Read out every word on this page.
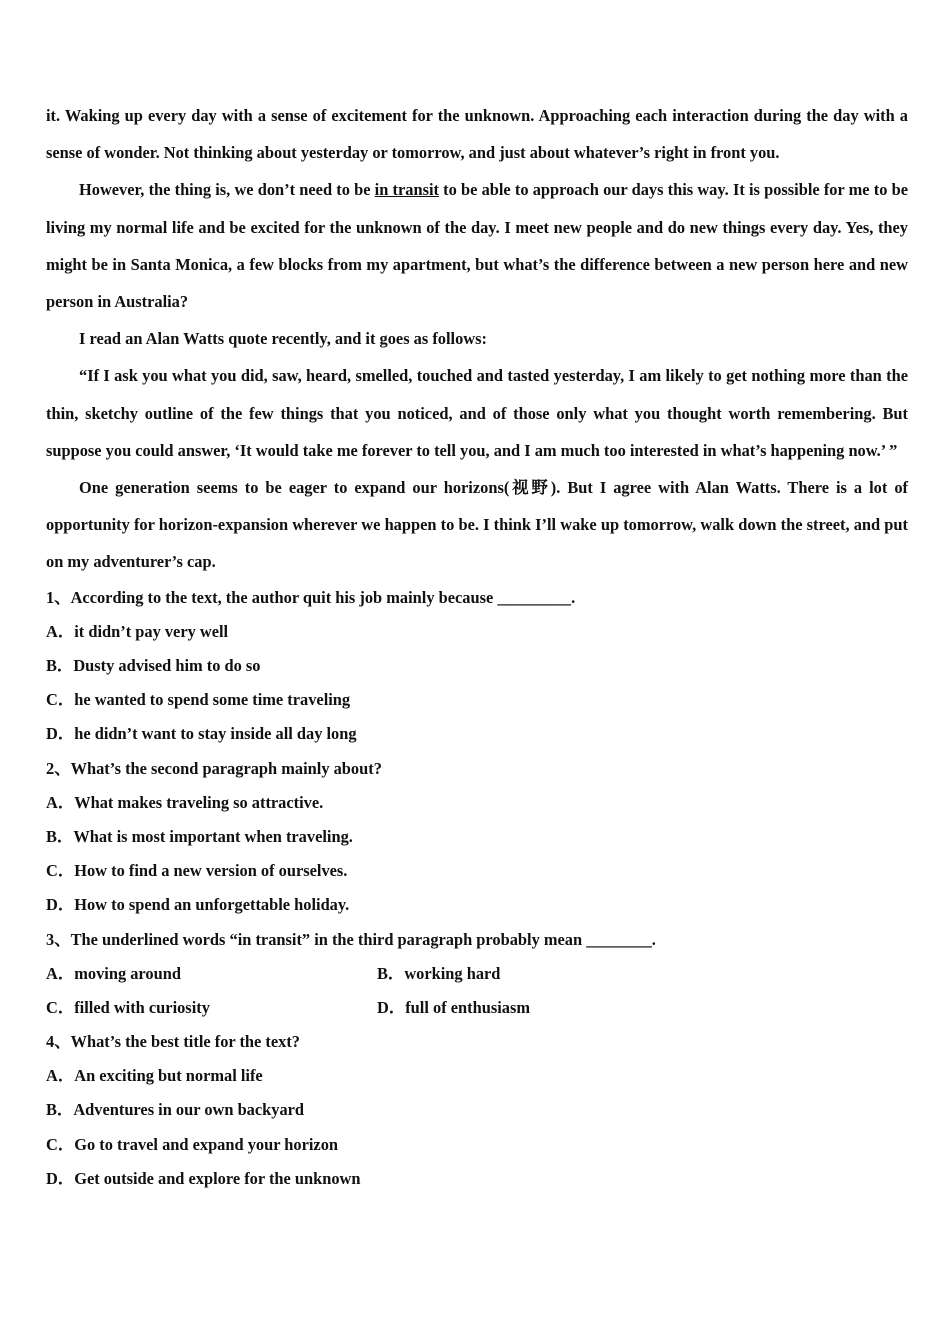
it. Waking up every day with a sense of excitement for the unknown. Approaching each interaction during the day with a sense of wonder. Not thinking about yesterday or tomorrow, and just about whatever’s right in front you.

However, the thing is, we don’t need to be in transit to be able to approach our days this way. It is possible for me to be living my normal life and be excited for the unknown of the day. I meet new people and do new things every day. Yes, they might be in Santa Monica, a few blocks from my apartment, but what’s the difference between a new person here and new person in Australia?

I read an Alan Watts quote recently, and it goes as follows:

“If I ask you what you did, saw, heard, smelled, touched and tasted yesterday, I am likely to get nothing more than the thin, sketchy outline of the few things that you noticed, and of those only what you thought worth remembering. But suppose you could answer, ‘It would take me forever to tell you, and I am much too interested in what’s happening now.’ ”

One generation seems to be eager to expand our horizons(视野). But I agree with Alan Watts. There is a lot of opportunity for horizon-expansion wherever we happen to be. I think I’ll wake up tomorrow, walk down the street, and put on my adventurer’s cap.

1、According to the text, the author quit his job mainly because _________.

A．it didn’t pay very well

B．Dusty advised him to do so

C．he wanted to spend some time traveling

D．he didn’t want to stay inside all day long

2、What’s the second paragraph mainly about?

A．What makes traveling so attractive.

B．What is most important when traveling.

C．How to find a new version of ourselves.

D．How to spend an unforgettable holiday.

3、The underlined words “in transit” in the third paragraph probably mean ________.

A．moving around	B．working hard
C．filled with curiosity	D．full of enthusiasm

4、What’s the best title for the text?

A．An exciting but normal life

B．Adventures in our own backyard

C．Go to travel and expand your horizon

D．Get outside and explore for the unknown
